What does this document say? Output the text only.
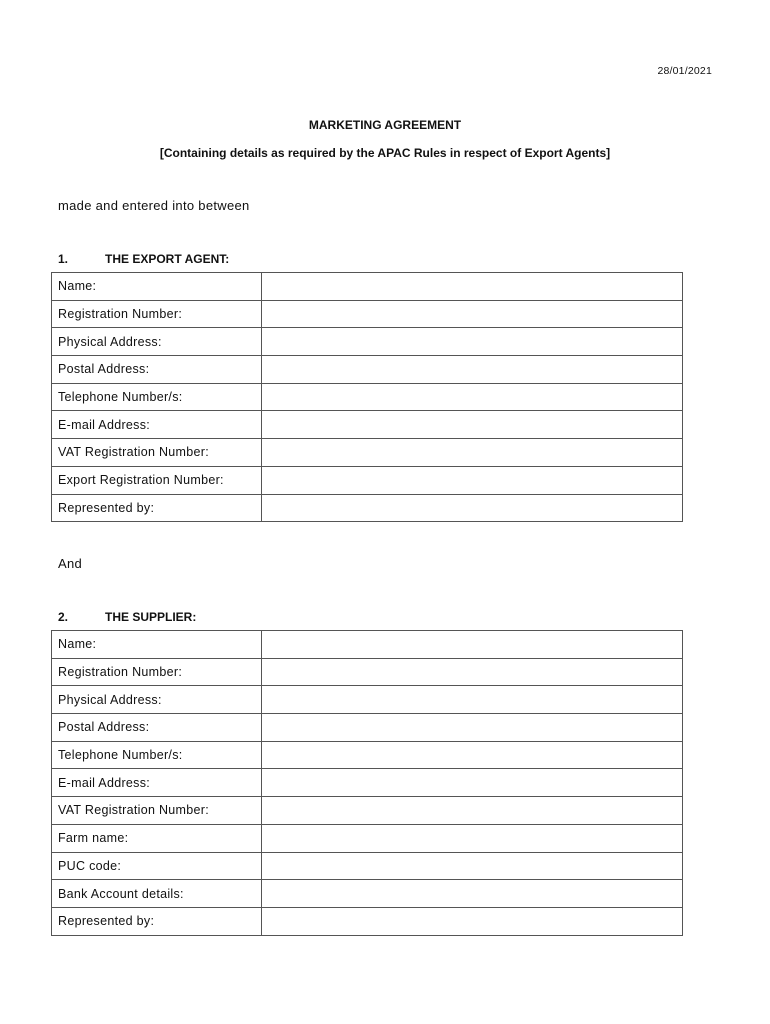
28/01/2021
MARKETING AGREEMENT
[Containing details as required by the APAC Rules in respect of Export Agents]
made and entered into between
1.	THE EXPORT AGENT:
Name:	
Registration Number:	
Physical Address:	
Postal Address:	
Telephone Number/s:	
E-mail Address:	
VAT Registration Number:	
Export Registration Number:	
Represented by:	
And
2.	THE SUPPLIER:
Name:	
Registration Number:	
Physical Address:	
Postal Address:	
Telephone Number/s:	
E-mail Address:	
VAT Registration Number:	
Farm name:	
PUC code:	
Bank Account details:	
Represented by:	
